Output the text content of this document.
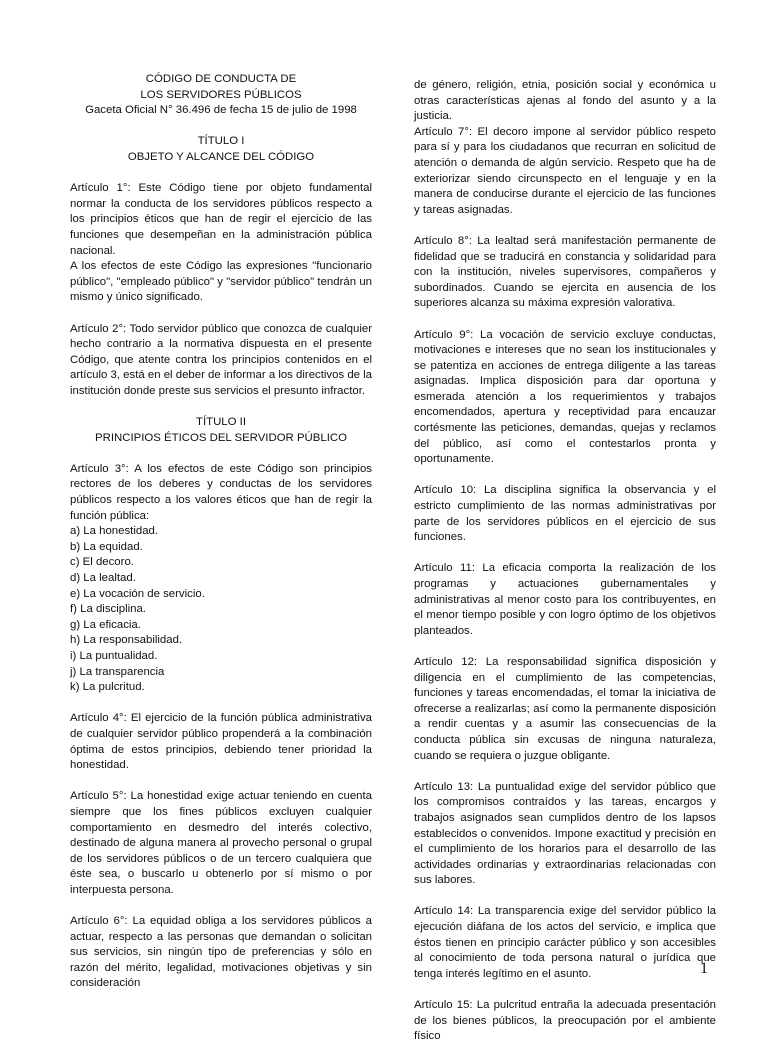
CÓDIGO DE CONDUCTA DE
LOS SERVIDORES PÚBLICOS
Gaceta Oficial N° 36.496 de fecha 15 de julio de 1998
TÍTULO I
OBJETO Y ALCANCE DEL CÓDIGO
Artículo 1°: Este Código tiene por objeto fundamental normar la conducta de los servidores públicos respecto a los principios éticos que han de regir el ejercicio de las funciones que desempeñan en la administración pública nacional.
A los efectos de este Código las expresiones "funcionario público", "empleado público" y "servidor público" tendrán un mismo y único significado.

Artículo 2°: Todo servidor público que conozca de cualquier hecho contrario a la normativa dispuesta en el presente Código, que atente contra los principios contenidos en el artículo 3, está en el deber de informar a los directivos de la institución donde preste sus servicios el presunto infractor.

TÍTULO II
PRINCIPIOS ÉTICOS DEL SERVIDOR PÚBLICO
Artículo 3°: A los efectos de este Código son principios rectores de los deberes y conductas de los servidores públicos respecto a los valores éticos que han de regir la función pública:
a) La honestidad.
b) La equidad.
c) El decoro.
d) La lealtad.
e) La vocación de servicio.
f) La disciplina.
g) La eficacia.
h) La responsabilidad.
i) La puntualidad.
j) La transparencia
k) La pulcritud.

Artículo 4°: El ejercicio de la función pública administrativa de cualquier servidor público propenderá a la combinación óptima de estos principios, debiendo tener prioridad la honestidad.

Artículo 5°: La honestidad exige actuar teniendo en cuenta siempre que los fines públicos excluyen cualquier comportamiento en desmedro del interés colectivo, destinado de alguna manera al provecho personal o grupal de los servidores públicos o de un tercero cualquiera que éste sea, o buscarlo u obtenerlo por sí mismo o por interpuesta persona.

Artículo 6°: La equidad obliga a los servidores públicos a actuar, respecto a las personas que demandan o solicitan sus servicios, sin ningún tipo de preferencias y sólo en razón del mérito, legalidad, motivaciones objetivas y sin consideración

de género, religión, etnia, posición social y económica u otras características ajenas al fondo del asunto y a la justicia.
Artículo 7°: El decoro impone al servidor público respeto para sí y para los ciudadanos que recurran en solicitud de atención o demanda de algún servicio. Respeto que ha de exteriorizar siendo circunspecto en el lenguaje y en la manera de conducirse durante el ejercicio de las funciones y tareas asignadas.

Artículo 8°: La lealtad será manifestación permanente de fidelidad que se traducirá en constancia y solidaridad para con la institución, niveles supervisores, compañeros y subordinados. Cuando se ejercita en ausencia de los superiores alcanza su máxima expresión valorativa.

Artículo 9°: La vocación de servicio excluye conductas, motivaciones e intereses que no sean los institucionales y se patentiza en acciones de entrega diligente a las tareas asignadas. Implica disposición para dar oportuna y esmerada atención a los requerimientos y trabajos encomendados, apertura y receptividad para encauzar cortésmente las peticiones, demandas, quejas y reclamos del público, así como el contestarlos pronta y oportunamente.

Artículo 10: La disciplina significa la observancia y el estricto cumplimiento de las normas administrativas por parte de los servidores públicos en el ejercicio de sus funciones.

Artículo 11: La eficacia comporta la realización de los programas y actuaciones gubernamentales y administrativas al menor costo para los contribuyentes, en el menor tiempo posible y con logro óptimo de los objetivos planteados.

Artículo 12: La responsabilidad significa disposición y diligencia en el cumplimiento de las competencias, funciones y tareas encomendadas, el tomar la iniciativa de ofrecerse a realizarlas; así como la permanente disposición a rendir cuentas y a asumir las consecuencias de la conducta pública sin excusas de ninguna naturaleza, cuando se requiera o juzgue obligante.

Artículo 13: La puntualidad exige del servidor público que los compromisos contraídos y las tareas, encargos y trabajos asignados sean cumplidos dentro de los lapsos establecidos o convenidos. Impone exactitud y precisión en el cumplimiento de los horarios para el desarrollo de las actividades ordinarias y extraordinarias relacionadas con sus labores.

Artículo 14: La transparencia exige del servidor público la ejecución diáfana de los actos del servicio, e implica que éstos tienen en principio carácter público y son accesibles al conocimiento de toda persona natural o jurídica que tenga interés legítimo en el asunto.

Artículo 15: La pulcritud entraña la adecuada presentación de los bienes públicos, la preocupación por el ambiente físico

1
